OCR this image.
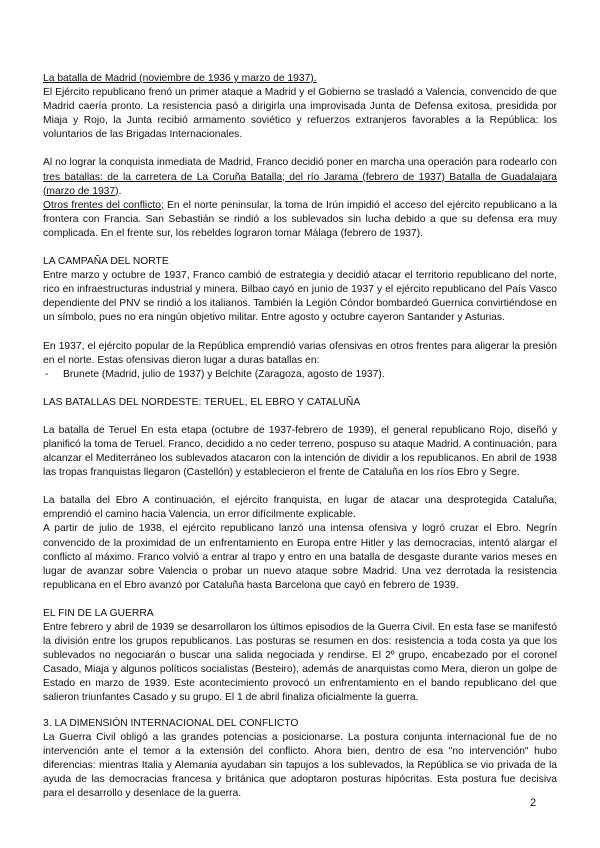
La batalla de Madrid (noviembre de 1936 y marzo de 1937).

El Ejército republicano frenó un primer ataque a Madrid y el Gobierno se trasladó a Valencia, convencido de que Madrid caería pronto. La resistencia pasó a dirigirla una improvisada Junta de Defensa exitosa, presidida por Miaja y Rojo, la Junta recibió armamento soviético y refuerzos extranjeros favorables a la República: los voluntarios de las Brigadas Internacionales.

Al no lograr la conquista inmediata de Madrid, Franco decidió poner en marcha una operación para rodearlo con tres batallas: de la carretera de La Coruña Batalla; del río Jarama (febrero de 1937) Batalla de Guadalajara (marzo de 1937).

Otros frentes del conflicto; En el norte peninsular, la toma de Irún impidió el acceso del ejército republicano a la frontera con Francia. San Sebastián se rindió a los sublevados sin lucha debido a que su defensa era muy complicada. En el frente sur, los rebeldes lograron tomar Málaga (febrero de 1937).

LA CAMPAÑA DEL NORTE

Entre marzo y octubre de 1937, Franco cambió de estrategia y decidió atacar el territorio republicano del norte, rico en infraestructuras industrial y minera. Bilbao cayó en junio de 1937 y el ejército republicano del País Vasco dependiente del PNV se rindió a los italianos. También la Legión Cóndor bombardeó Guernica convirtiéndose en un símbolo, pues no era ningún objetivo militar. Entre agosto y octubre cayeron Santander y Asturias.

En 1937, el ejército popular de la República emprendió varias ofensivas en otros frentes para aligerar la presión en el norte. Estas ofensivas dieron lugar a duras batallas en:

-	Brunete (Madrid, julio de 1937) y Belchite (Zaragoza, agosto de 1937).

LAS BATALLAS DEL NORDESTE: TERUEL, EL EBRO Y CATALUÑA

La batalla de Teruel En esta etapa (octubre de 1937-febrero de 1939), el general republicano Rojo, diseñó y planificó la toma de Teruel. Franco, decidido a no ceder terreno, pospuso su ataque Madrid. A continuación, para alcanzar el Mediterráneo los sublevados atacaron con la intención de dividir a los republicanos. En abril de 1938 las tropas franquistas llegaron (Castellón) y establecieron el frente de Cataluña en los ríos Ebro y Segre.

La batalla del Ebro A continuación, el ejército franquista, en lugar de atacar una desprotegida Cataluña, emprendió el camino hacia Valencia, un error difícilmente explicable.

A partir de julio de 1938, el ejército republicano lanzó una intensa ofensiva y logró cruzar el Ebro. Negrín convencido de la proximidad de un enfrentamiento en Europa entre Hitler y las democracias, intentó alargar el conflicto al máximo. Franco volvió a entrar al trapo y entro en una batalla de desgaste durante varios meses en lugar de avanzar sobre Valencia o probar un nuevo ataque sobre Madrid. Una vez derrotada la resistencia republicana en el Ebro avanzó por Cataluña hasta Barcelona que cayó en febrero de 1939.

EL FIN DE LA GUERRA

Entre febrero y abril de 1939 se desarrollaron los últimos episodios de la Guerra Civil. En esta fase se manifestó la división entre los grupos republicanos. Las posturas se resumen en dos: resistencia a toda costa ya que los sublevados no negociarán o buscar una salida negociada y rendirse. El 2º grupo, encabezado por el coronel Casado, Miaja y algunos políticos socialistas (Besteiro), además de anarquistas como Mera, dieron un golpe de Estado en marzo de 1939. Este acontecimiento provocó un enfrentamiento en el bando republicano del que salieron triunfantes Casado y su grupo. El 1 de abril finaliza oficialmente la guerra.

3. LA DIMENSIÓN INTERNACIONAL DEL CONFLICTO

La Guerra Civil obligó a las grandes potencias a posicionarse. La postura conjunta internacional fue de no intervención ante el temor a la extensión del conflicto. Ahora bien, dentro de esa "no intervención" hubo diferencias: mientras Italia y Alemania ayudaban sin tapujos a los sublevados, la República se vio privada de la ayuda de las democracias francesa y británica que adoptaron posturas hipócritas. Esta postura fue decisiva para el desarrollo y desenlace de la guerra.

2
